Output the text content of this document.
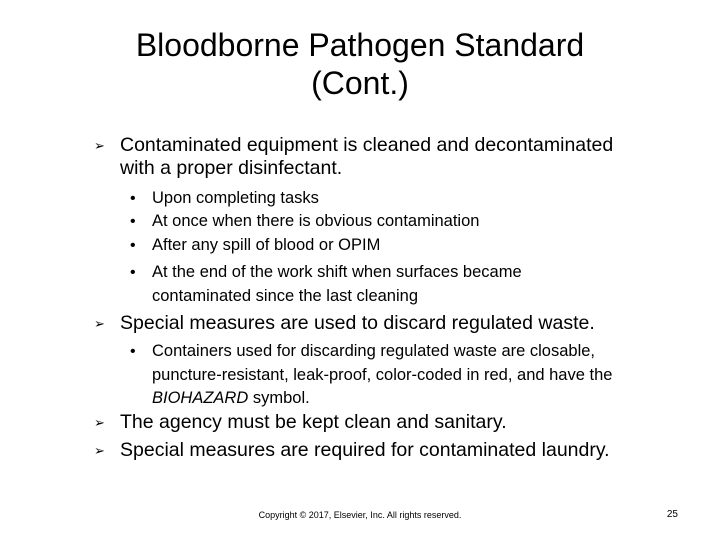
Bloodborne Pathogen Standard
(Cont.)
➢ Contaminated equipment is cleaned and decontaminated
with a proper disinfectant.
• Upon completing tasks
• At once when there is obvious contamination
• After any spill of blood or OPIM
• At the end of the work shift when surfaces became
contaminated since the last cleaning
➢ Special measures are used to discard regulated waste.
• Containers used for discarding regulated waste are closable,
puncture-resistant, leak-proof, color-coded in red, and have the
BIOHAZARD symbol.
➢ The agency must be kept clean and sanitary.
➢ Special measures are required for contaminated laundry.
Copyright © 2017, Elsevier, Inc. All rights reserved.	25
